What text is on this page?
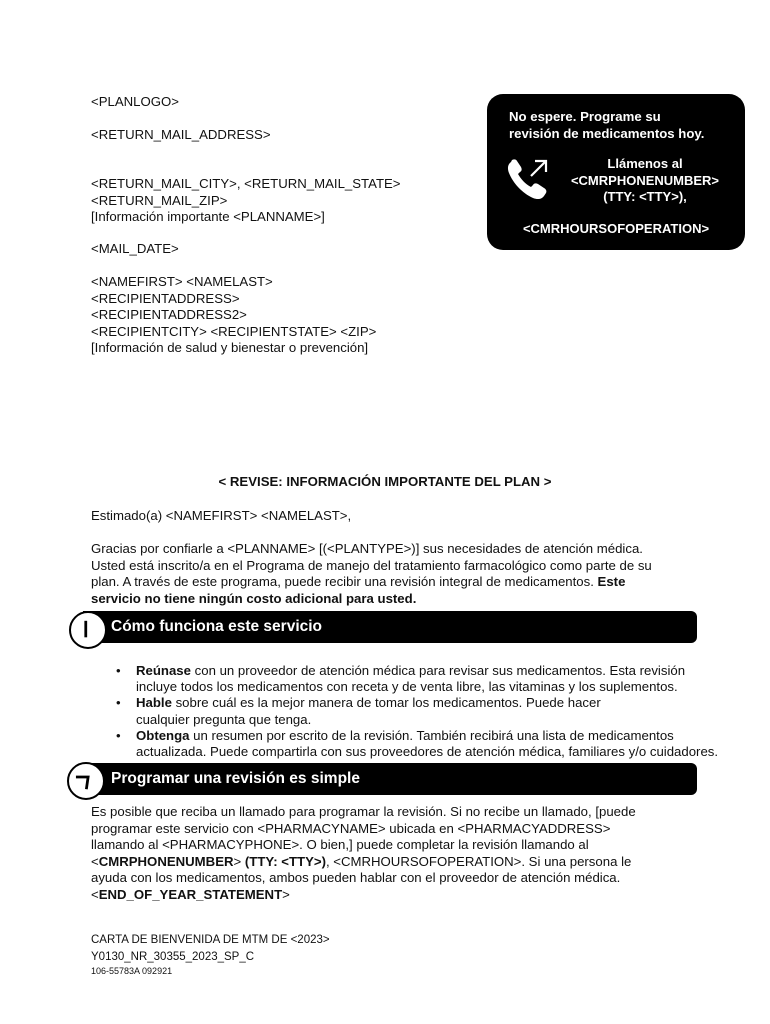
<PLANLOGO>
<RETURN_MAIL_ADDRESS>
<RETURN_MAIL_CITY>, <RETURN_MAIL_STATE>
<RETURN_MAIL_ZIP>
[Información importante <PLANNAME>]
<MAIL_DATE>
<NAMEFIRST> <NAMELAST>
<RECIPIENTADDRESS>
<RECIPIENTADDRESS2>
<RECIPIENTCITY> <RECIPIENTSTATE> <ZIP>
[Información de salud y bienestar o prevención]
No espere. Programe su
revisión de medicamentos hoy.
Llámenos al
<CMRPHONENUMBER>
(TTY: <TTY>),
<CMRHOURSOFOPERATION>
< REVISE: INFORMACIÓN IMPORTANTE DEL PLAN >
Estimado(a) <NAMEFIRST> <NAMELAST>,
Gracias por confiarle a <PLANNAME> [(<PLANTYPE>)] sus necesidades de atención médica.
Usted está inscrito/a en el Programa de manejo del tratamiento farmacológico como parte de su
plan. A través de este programa, puede recibir una revisión integral de medicamentos. Este
servicio no tiene ningún costo adicional para usted.
Cómo funciona este servicio
• Reúnase con un proveedor de atención médica para revisar sus medicamentos. Esta revisión
incluye todos los medicamentos con receta y de venta libre, las vitaminas y los suplementos.
• Hable sobre cuál es la mejor manera de tomar los medicamentos. Puede hacer
cualquier pregunta que tenga.
• Obtenga un resumen por escrito de la revisión. También recibirá una lista de medicamentos
actualizada. Puede compartirla con sus proveedores de atención médica, familiares y/o cuidadores.
Programar una revisión es simple
Es posible que reciba un llamado para programar la revisión. Si no recibe un llamado, [puede
programar este servicio con <PHARMACYNAME> ubicada en <PHARMACYADDRESS>
llamando al <PHARMACYPHONE>. O bien,] puede completar la revisión llamando al
<CMRPHONENUMBER> (TTY: <TTY>), <CMRHOURSOFOPERATION>. Si una persona le
ayuda con los medicamentos, ambos pueden hablar con el proveedor de atención médica.
<END_OF_YEAR_STATEMENT>
CARTA DE BIENVENIDA DE MTM DE <2023>
Y0130_NR_30355_2023_SP_C
106-55783A 092921
